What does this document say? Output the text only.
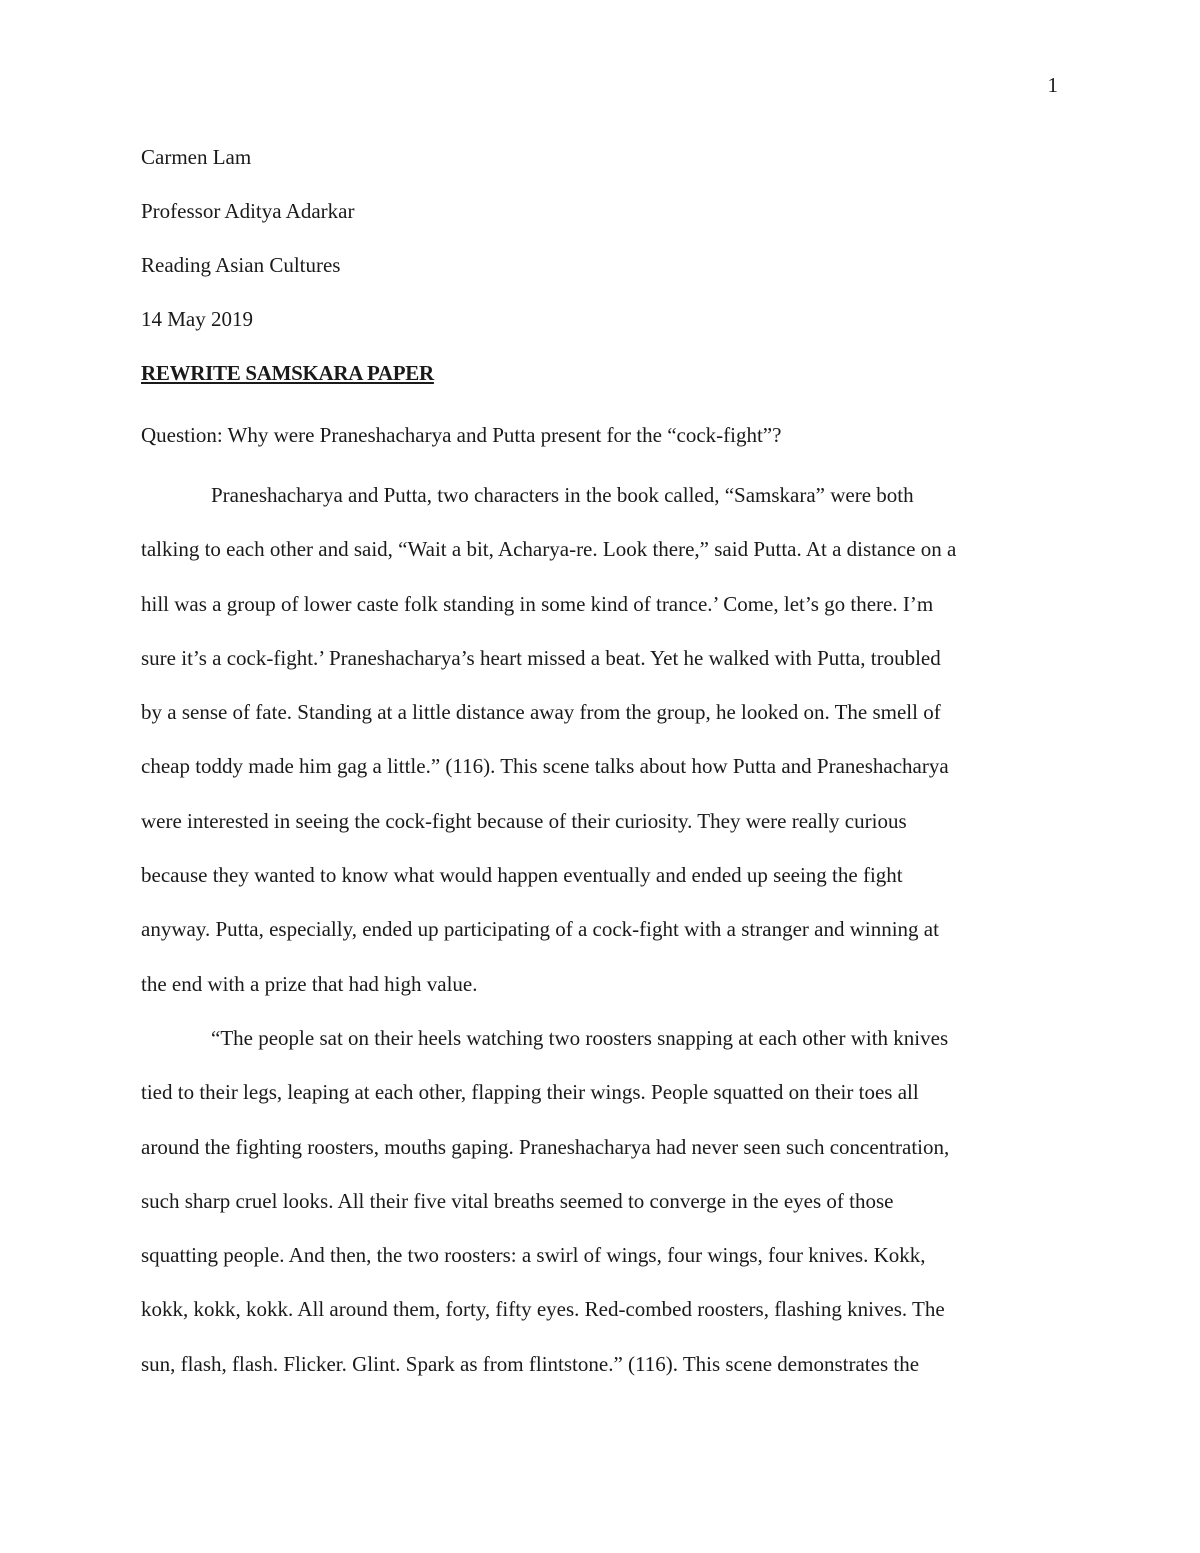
1

Carmen Lam

Professor Aditya Adarkar

Reading Asian Cultures

14 May 2019

REWRITE SAMSKARA PAPER

Question: Why were Praneshacharya and Putta present for the “cock-fight”?

Praneshacharya and Putta, two characters in the book called, “Samskara” were both
talking to each other and said, “Wait a bit, Acharya-re. Look there,” said Putta. At a distance on a
hill was a group of lower caste folk standing in some kind of trance.’ Come, let’s go there. I’m
sure it’s a cock-fight.’ Praneshacharya’s heart missed a beat. Yet he walked with Putta, troubled
by a sense of fate. Standing at a little distance away from the group, he looked on. The smell of
cheap toddy made him gag a little.” (116). This scene talks about how Putta and Praneshacharya
were interested in seeing the cock-fight because of their curiosity. They were really curious
because they wanted to know what would happen eventually and ended up seeing the fight
anyway. Putta, especially, ended up participating of a cock-fight with a stranger and winning at
the end with a prize that had high value.
“The people sat on their heels watching two roosters snapping at each other with knives
tied to their legs, leaping at each other, flapping their wings. People squatted on their toes all
around the fighting roosters, mouths gaping. Praneshacharya had never seen such concentration,
such sharp cruel looks. All their five vital breaths seemed to converge in the eyes of those
squatting people. And then, the two roosters: a swirl of wings, four wings, four knives. Kokk,
kokk, kokk, kokk. All around them, forty, fifty eyes. Red-combed roosters, flashing knives. The
sun, flash, flash. Flicker. Glint. Spark as from flintstone.” (116). This scene demonstrates the
